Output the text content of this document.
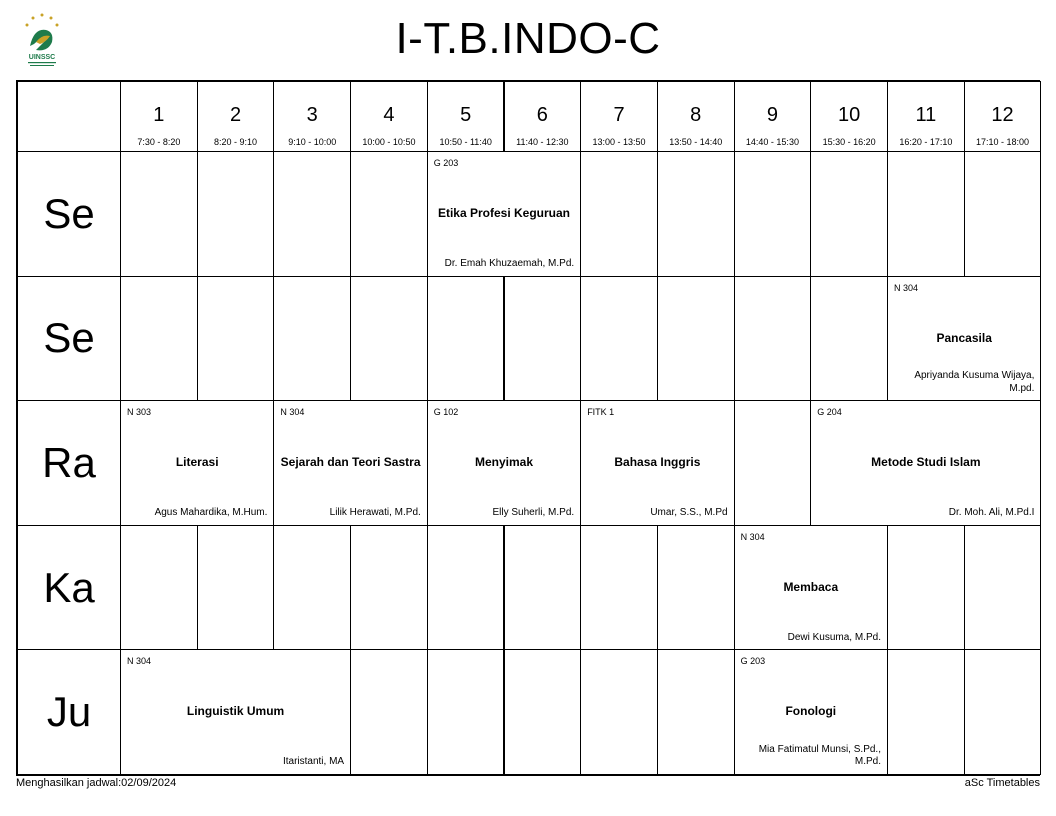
UINSSC	I-T.B.INDO-C
1
7:30 - 8:20
2
8:20 - 9:10
3
9:10 - 10:00
4
10:00 - 10:50
5
10:50 - 11:40
6
11:40 - 12:30
7
13:00 - 13:50
8
13:50 - 14:40
9
14:40 - 15:30
10
15:30 - 16:20
11
16:20 - 17:10
12
17:10 - 18:00
Se
Se
Ra
Ka
Ju
G 203
Etika Profesi Keguruan
Dr. Emah Khuzaemah, M.Pd.
N 304
Pancasila
Apriyanda Kusuma Wijaya, M.pd.
N 303
Literasi
Agus Mahardika, M.Hum.
N 304
Sejarah dan Teori Sastra
Lilik Herawati, M.Pd.
G 102
Menyimak
Elly Suherli, M.Pd.
FITK 1
Bahasa Inggris
Umar, S.S., M.Pd
G 204
Metode Studi Islam
Dr. Moh. Ali, M.Pd.I
N 304
Membaca
Dewi Kusuma, M.Pd.
N 304
Linguistik Umum
Itaristanti, MA
G 203
Fonologi
Mia Fatimatul Munsi, S.Pd., M.Pd.
Menghasilkan jadwal:02/09/2024	aSc Timetables
